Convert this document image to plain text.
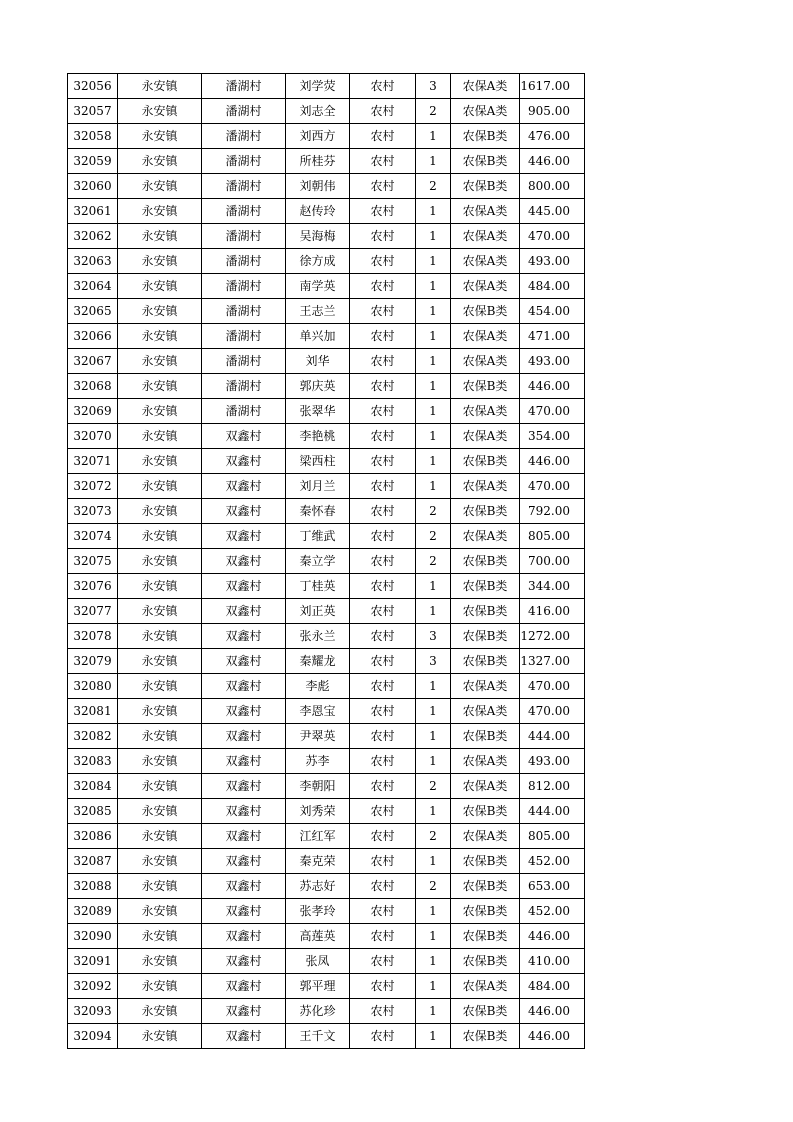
32056	永安镇	潘湖村	刘学荧	农村	3	农保A类	1617.00
32057	永安镇	潘湖村	刘志全	农村	2	农保A类	905.00
32058	永安镇	潘湖村	刘西方	农村	1	农保B类	476.00
32059	永安镇	潘湖村	所桂芬	农村	1	农保B类	446.00
32060	永安镇	潘湖村	刘朝伟	农村	2	农保B类	800.00
32061	永安镇	潘湖村	赵传玲	农村	1	农保A类	445.00
32062	永安镇	潘湖村	吴海梅	农村	1	农保A类	470.00
32063	永安镇	潘湖村	徐方成	农村	1	农保A类	493.00
32064	永安镇	潘湖村	南学英	农村	1	农保A类	484.00
32065	永安镇	潘湖村	王志兰	农村	1	农保B类	454.00
32066	永安镇	潘湖村	单兴加	农村	1	农保A类	471.00
32067	永安镇	潘湖村	刘华	农村	1	农保A类	493.00
32068	永安镇	潘湖村	郭庆英	农村	1	农保B类	446.00
32069	永安镇	潘湖村	张翠华	农村	1	农保A类	470.00
32070	永安镇	双鑫村	李艳桃	农村	1	农保A类	354.00
32071	永安镇	双鑫村	梁西柱	农村	1	农保B类	446.00
32072	永安镇	双鑫村	刘月兰	农村	1	农保A类	470.00
32073	永安镇	双鑫村	秦怀春	农村	2	农保B类	792.00
32074	永安镇	双鑫村	丁维武	农村	2	农保A类	805.00
32075	永安镇	双鑫村	秦立学	农村	2	农保B类	700.00
32076	永安镇	双鑫村	丁桂英	农村	1	农保B类	344.00
32077	永安镇	双鑫村	刘正英	农村	1	农保B类	416.00
32078	永安镇	双鑫村	张永兰	农村	3	农保B类	1272.00
32079	永安镇	双鑫村	秦耀龙	农村	3	农保B类	1327.00
32080	永安镇	双鑫村	李彪	农村	1	农保A类	470.00
32081	永安镇	双鑫村	李恩宝	农村	1	农保A类	470.00
32082	永安镇	双鑫村	尹翠英	农村	1	农保B类	444.00
32083	永安镇	双鑫村	苏李	农村	1	农保A类	493.00
32084	永安镇	双鑫村	李朝阳	农村	2	农保A类	812.00
32085	永安镇	双鑫村	刘秀荣	农村	1	农保B类	444.00
32086	永安镇	双鑫村	江红军	农村	2	农保A类	805.00
32087	永安镇	双鑫村	秦克荣	农村	1	农保B类	452.00
32088	永安镇	双鑫村	苏志好	农村	2	农保B类	653.00
32089	永安镇	双鑫村	张孝玲	农村	1	农保B类	452.00
32090	永安镇	双鑫村	高莲英	农村	1	农保B类	446.00
32091	永安镇	双鑫村	张凤	农村	1	农保B类	410.00
32092	永安镇	双鑫村	郭平理	农村	1	农保A类	484.00
32093	永安镇	双鑫村	苏化珍	农村	1	农保B类	446.00
32094	永安镇	双鑫村	王千文	农村	1	农保B类	446.00
